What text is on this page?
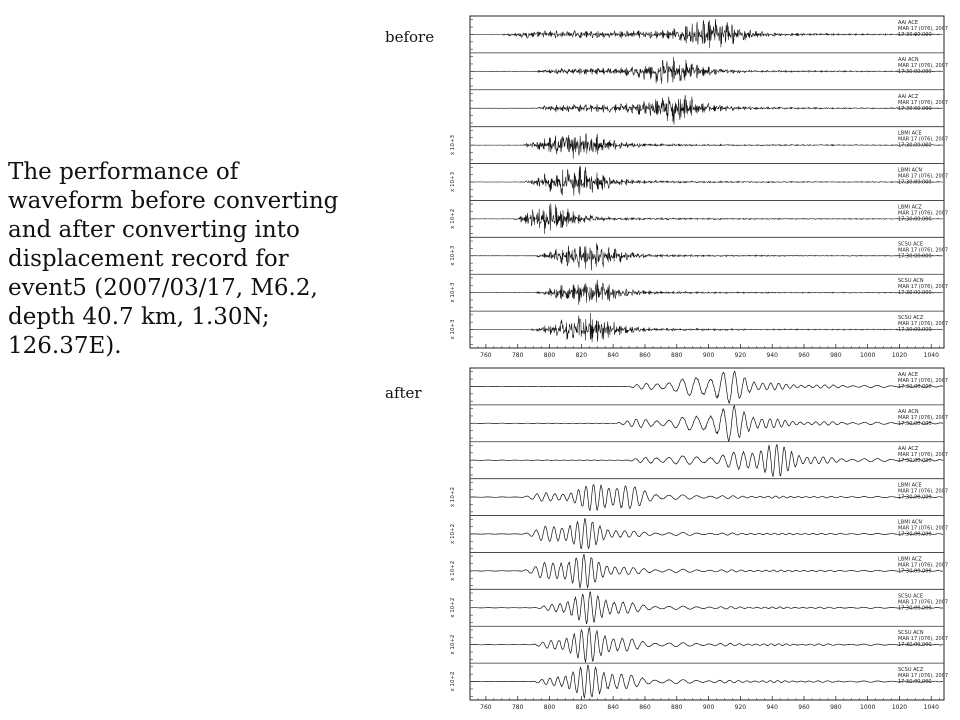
The performance of waveform before converting and after converting into displacement record for event5 (2007/03/17, M6.2, depth 40.7 km, 1.30N; 126.37E).
before
after
AAI ACE
MAR 17 (076), 2007
17:30:00.000
AAI ACN
MAR 17 (076), 2007
17:30:00.000
AAI ACZ
MAR 17 (076), 2007
17:30:00.000
x 10+3
LBMI ACE
MAR 17 (076), 2007
17:30:00.000
x 10+3
LBMI ACN
MAR 17 (076), 2007
17:30:00.000
x 10+2
LBMI ACZ
MAR 17 (076), 2007
17:30:00.000
x 10+3
SCSU ACE
MAR 17 (076), 2007
17:30:00.000
x 10+3
SCSU ACN
MAR 17 (076), 2007
17:30:00.000
x 10+3
SCSU ACZ
MAR 17 (076), 2007
17:30:00.000
760	780	800	820	840	860	880	900	920	940	960	980	1000	1020	1040
AAI ACE
MAR 17 (076), 2007
17:30:00.000
AAI ACN
MAR 17 (076), 2007
17:30:00.000
AAI ACZ
MAR 17 (076), 2007
17:30:00.000
x 10+2
LBMI ACE
MAR 17 (076), 2007
17:30:00.000
x 10+2
LBMI ACN
MAR 17 (076), 2007
17:30:00.000
x 10+2
LBMI ACZ
MAR 17 (076), 2007
17:30:00.000
x 10+2
SCSU ACE
MAR 17 (076), 2007
17:30:00.000
x 10+2
SCSU ACN
MAR 17 (076), 2007
17:30:00.000
x 10+2
SCSU ACZ
MAR 17 (076), 2007
17:30:00.000
760	780	800	820	840	860	880	900	920	940	960	980	1000	1020	1040
